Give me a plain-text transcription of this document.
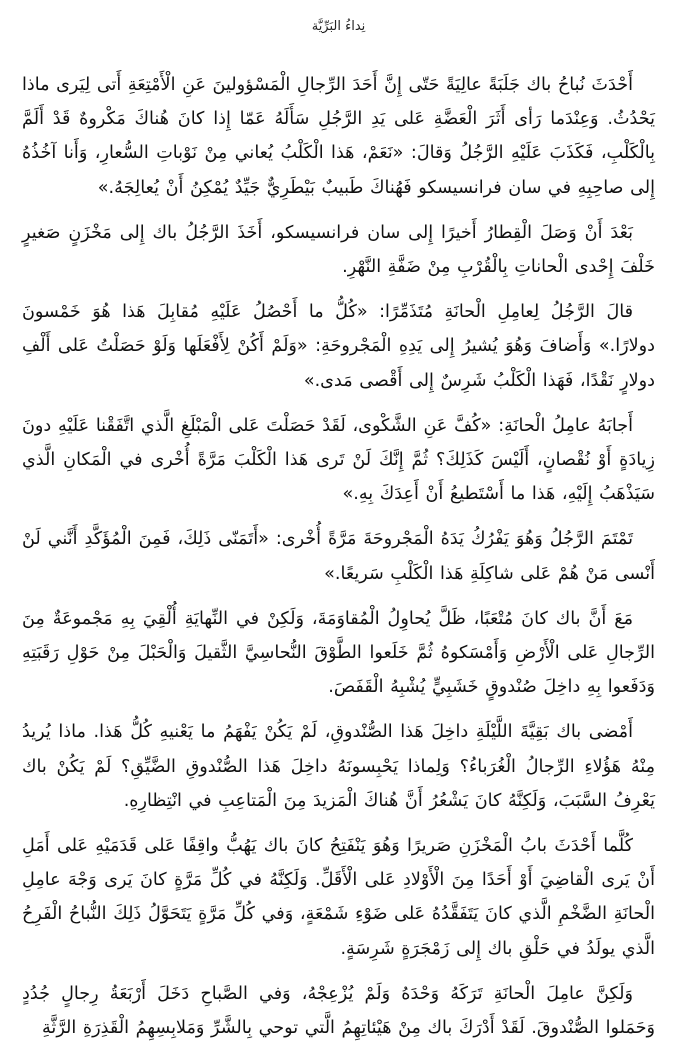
نِداءُ البَرِّيَّة

أَحْدَثَ نُباحُ باك جَلَبَةً عالِيَةً حَتّى إِنَّ أَحَدَ الرِّجالِ الْمَسْؤولينَ عَنِ الْأَمْتِعَةِ أَتى لِيَرى ماذا يَحْدُثُ. وَعِنْدَما رَأى أَثَرَ الْعَضَّةِ عَلى يَدِ الرَّجُلِ سَأَلَهُ عَمّا إِذا كانَ هُناكَ مَكْروهٌ قَدْ أَلَمَّ بِالْكَلْبِ، فَكَذَبَ عَلَيْهِ الرَّجُلُ وَقالَ: «نَعَمْ، هَذا الْكَلْبُ يُعاني مِنْ نَوْباتِ السُّعارِ، وَأَنا آخُذُهُ إِلى صاحِبِهِ في سان فرانسيسكو فَهُناكَ طَبيبٌ بَيْطَرِيٌّ جَيِّدٌ يُمْكِنُ أَنْ يُعالِجَهُ.»

بَعْدَ أَنْ وَصَلَ الْقِطارُ أَخيرًا إِلى سان فرانسيسكو، أَخَذَ الرَّجُلُ باك إِلى مَخْزَنٍ صَغيرٍ خَلْفَ إِحْدى الْحاناتِ بِالْقُرْبِ مِنْ ضَفَّةِ النَّهْرِ.

قالَ الرَّجُلُ لِعامِلِ الْحانَةِ مُتَذَمِّرًا: «كُلُّ ما أَحْصُلُ عَلَيْهِ مُقابِلَ هَذا هُوَ خَمْسونَ دولارًا.» وَأَضافَ وَهُوَ يُشيرُ إِلى يَدِهِ الْمَجْروحَةِ: «وَلَمْ أَكُنْ لِأَفْعَلَها وَلَوْ حَصَلْتُ عَلى أَلْفِ دولارٍ نَقْدًا، فَهَذا الْكَلْبُ شَرِسٌ إِلى أَقْصى مَدى.»

أَجابَهُ عامِلُ الْحانَةِ: «كُفَّ عَنِ الشَّكْوى، لَقَدْ حَصَلْتَ عَلى الْمَبْلَغِ الَّذي اتَّفَقْنا عَلَيْهِ دونَ زِيادَةٍ أَوْ نُقْصانٍ، أَلَيْسَ كَذَلِكَ؟ ثُمَّ إِنَّكَ لَنْ تَرى هَذا الْكَلْبَ مَرَّةً أُخْرى في الْمَكانِ الَّذي سَيَذْهَبُ إِلَيْهِ، هَذا ما أَسْتَطيعُ أَنْ أَعِدَكَ بِهِ.»

تَمْتَمَ الرَّجُلُ وَهُوَ يَفْرُكُ يَدَهُ الْمَجْروحَةَ مَرَّةً أُخْرى: «أَتَمَنّى ذَلِكَ، فَمِنَ الْمُؤَكَّدِ أَنَّني لَنْ أَنْسى مَنْ هُمْ عَلى شاكِلَةِ هَذا الْكَلْبِ سَريعًا.»

مَعَ أَنَّ باك كانَ مُتْعَبًا، ظَلَّ يُحاوِلُ الْمُقاوَمَةَ، وَلَكِنْ في النِّهايَةِ أُلْقِيَ بِهِ مَجْموعَةٌ مِنَ الرِّجالِ عَلى الْأَرْضِ وَأَمْسَكوهُ ثُمَّ خَلَعوا الطَّوْقَ النُّحاسِيَّ الثَّقيلَ وَالْحَبْلَ مِنْ حَوْلِ رَقَبَتِهِ وَدَفَعوا بِهِ داخِلَ صُنْدوقٍ خَشَبِيٍّ يُشْبِهُ الْقَفَصَ.

أَمْضى باك بَقِيَّةَ اللَّيْلَةِ داخِلَ هَذا الصُّنْدوقِ، لَمْ يَكُنْ يَفْهَمُ ما يَعْنيهِ كُلُّ هَذا. ماذا يُريدُ مِنْهُ هَؤُلاءِ الرِّجالُ الْغُرَباءُ؟ وَلِماذا يَحْبِسونَهُ داخِلَ هَذا الصُّنْدوقِ الضَّيِّقِ؟ لَمْ يَكُنْ باك يَعْرِفُ السَّبَبَ، وَلَكِنَّهُ كانَ يَشْعُرُ أَنَّ هُناكَ الْمَزيدَ مِنَ الْمَتاعِبِ في انْتِظارِهِ.

كُلَّما أَحْدَثَ بابُ الْمَخْزَنِ صَريرًا وَهُوَ يَنْفَتِحُ كانَ باك يَهُبُّ واقِفًا عَلى قَدَمَيْهِ عَلى أَمَلِ أَنْ يَرى الْقاضِيَ أَوْ أَحَدًا مِنَ الْأَوْلادِ عَلى الْأَقَلِّ. وَلَكِنَّهُ في كُلِّ مَرَّةٍ كانَ يَرى وَجْهَ عامِلِ الْحانَةِ الضَّخْمِ الَّذي كانَ يَتَفَقَّدُهُ عَلى ضَوْءِ شَمْعَةٍ، وَفي كُلِّ مَرَّةٍ يَتَحَوَّلُ ذَلِكَ النُّباحُ الْفَرِحُ الَّذي يولَدُ في حَلْقِ باك إِلى زَمْجَرَةٍ شَرِسَةٍ.

وَلَكِنَّ عامِلَ الْحانَةِ تَرَكَهُ وَحْدَهُ وَلَمْ يُزْعِجْهُ، وَفي الصَّباحِ دَخَلَ أَرْبَعَةُ رِجالٍ جُدُدٍ وَحَمَلوا الصُّنْدوقَ. لَقَدْ أَدْرَكَ باك مِنْ هَيْئاتِهِمُ الَّتي توحي بِالشَّرِّ وَمَلابِسِهِمُ الْقَذِرَةِ الرَّثَّةِ
